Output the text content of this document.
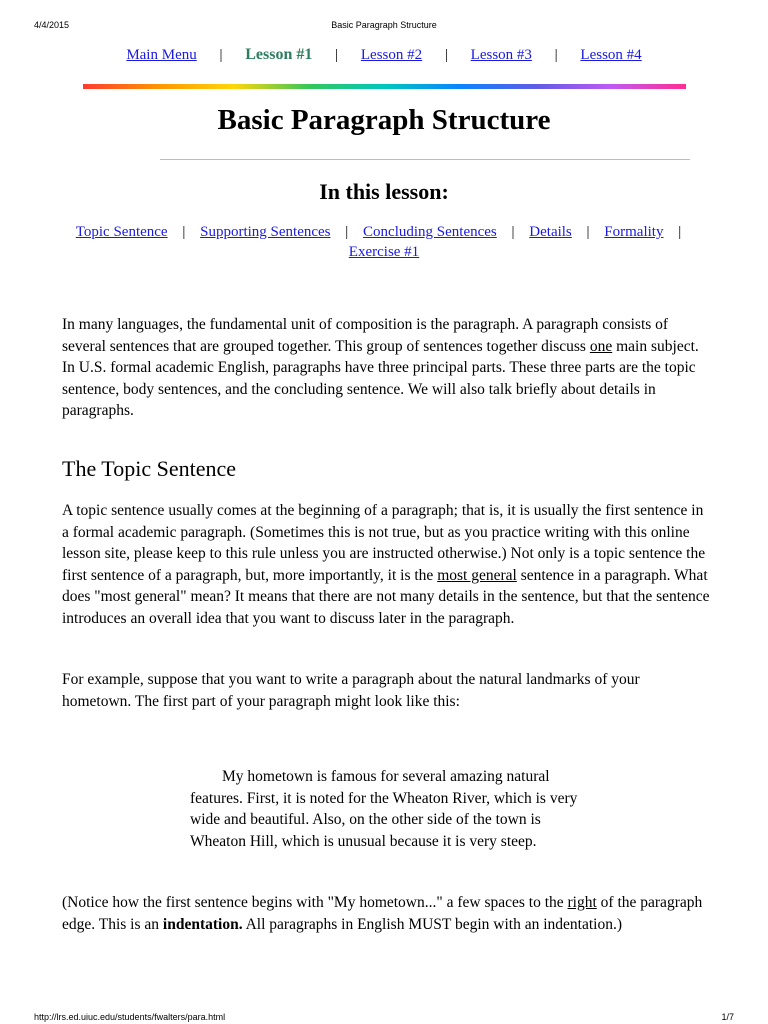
4/4/2015	Basic Paragraph Structure
Main Menu | Lesson #1 | Lesson #2 | Lesson #3 | Lesson #4
Basic Paragraph Structure
In this lesson:
Topic Sentence | Supporting Sentences | Concluding Sentences | Details | Formality |
Exercise #1

In many languages, the fundamental unit of composition is the paragraph. A paragraph consists of several sentences that are grouped together. This group of sentences together discuss one main subject. In U.S. formal academic English, paragraphs have three principal parts. These three parts are the topic sentence, body sentences, and the concluding sentence. We will also talk briefly about details in paragraphs.

The Topic Sentence

A topic sentence usually comes at the beginning of a paragraph; that is, it is usually the first sentence in a formal academic paragraph. (Sometimes this is not true, but as you practice writing with this online lesson site, please keep to this rule unless you are instructed otherwise.) Not only is a topic sentence the first sentence of a paragraph, but, more importantly, it is the most general sentence in a paragraph. What does "most general" mean? It means that there are not many details in the sentence, but that the sentence introduces an overall idea that you want to discuss later in the paragraph.

For example, suppose that you want to write a paragraph about the natural landmarks of your hometown. The first part of your paragraph might look like this:

My hometown is famous for several amazing natural features. First, it is noted for the Wheaton River, which is very wide and beautiful. Also, on the other side of the town is Wheaton Hill, which is unusual because it is very steep.

(Notice how the first sentence begins with "My hometown..." a few spaces to the right of the paragraph edge. This is an indentation. All paragraphs in English MUST begin with an indentation.)

http://lrs.ed.uiuc.edu/students/fwalters/para.html	1/7
